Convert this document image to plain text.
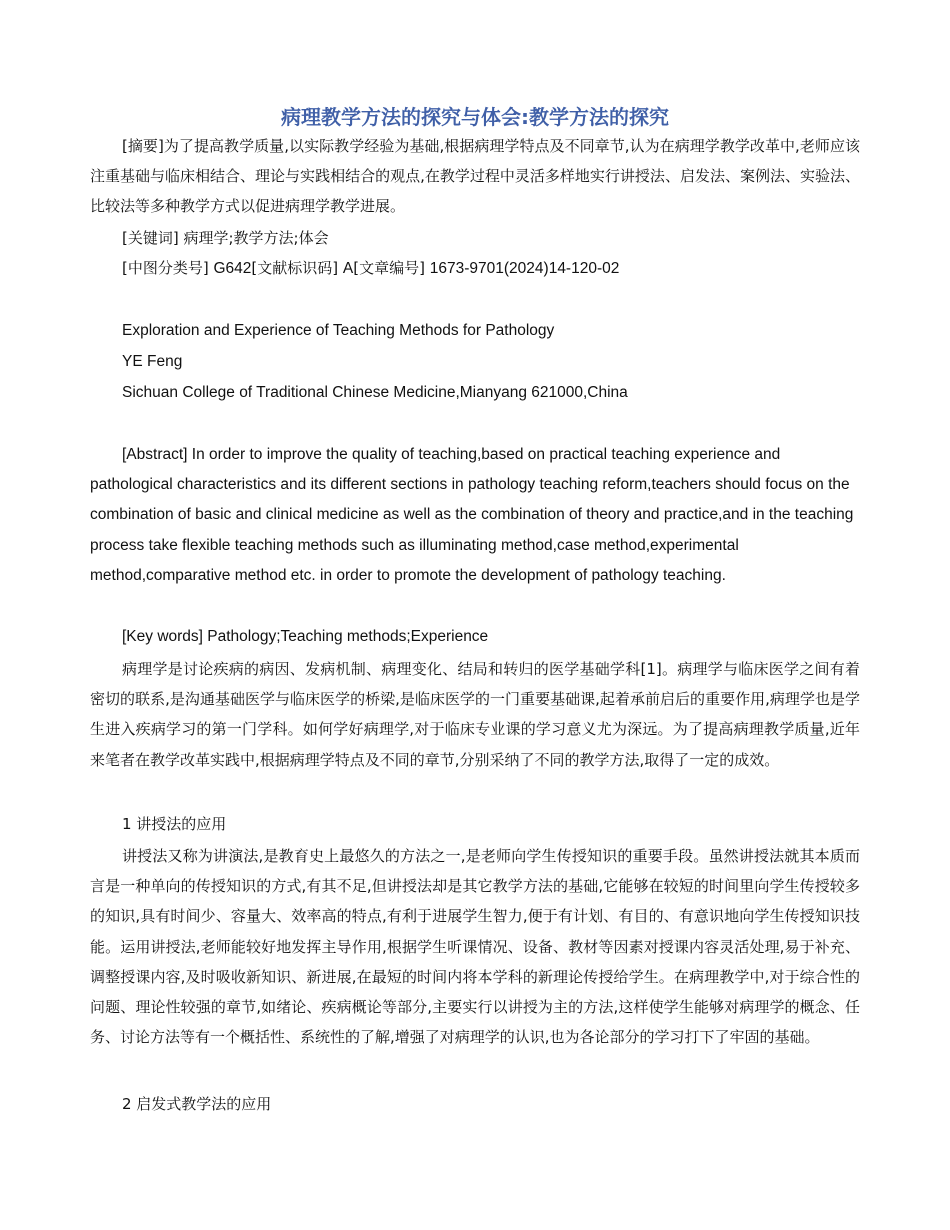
病理教学方法的探究与体会:教学方法的探究
[摘要]为了提高教学质量,以实际教学经验为基础,根据病理学特点及不同章节,认为在病理学教学改革中,老师应该注重基础与临床相结合、理论与实践相结合的观点,在教学过程中灵活多样地实行讲授法、启发法、案例法、实验法、比较法等多种教学方式以促进病理学教学进展。
[关键词] 病理学;教学方法;体会
[中图分类号] G642[文献标识码] A[文章编号] 1673-9701(2024)14-120-02
Exploration and Experience of Teaching Methods for Pathology
YE Feng
Sichuan College of Traditional Chinese Medicine,Mianyang 621000,China

[Abstract] In order to improve the quality of teaching,based on practical teaching experience and pathological characteristics and its different sections in pathology teaching reform,teachers should focus on the combination of basic and clinical medicine as well as the combination of theory and practice,and in the teaching process take flexible teaching methods such as illuminating method,case method,experimental method,comparative method etc. in order to promote the development of pathology teaching.

[Key words] Pathology;Teaching methods;Experience

病理学是讨论疾病的病因、发病机制、病理变化、结局和转归的医学基础学科[1]。病理学与临床医学之间有着密切的联系,是沟通基础医学与临床医学的桥梁,是临床医学的一门重要基础课,起着承前启后的重要作用,病理学也是学生进入疾病学习的第一门学科。如何学好病理学,对于临床专业课的学习意义尤为深远。为了提高病理教学质量,近年来笔者在教学改革实践中,根据病理学特点及不同的章节,分别采纳了不同的教学方法,取得了一定的成效。

1 讲授法的应用

讲授法又称为讲演法,是教育史上最悠久的方法之一,是老师向学生传授知识的重要手段。虽然讲授法就其本质而言是一种单向的传授知识的方式,有其不足,但讲授法却是其它教学方法的基础,它能够在较短的时间里向学生传授较多的知识,具有时间少、容量大、效率高的特点,有利于进展学生智力,便于有计划、有目的、有意识地向学生传授知识技能。运用讲授法,老师能较好地发挥主导作用,根据学生听课情况、设备、教材等因素对授课内容灵活处理,易于补充、调整授课内容,及时吸收新知识、新进展,在最短的时间内将本学科的新理论传授给学生。在病理教学中,对于综合性的问题、理论性较强的章节,如绪论、疾病概论等部分,主要实行以讲授为主的方法,这样使学生能够对病理学的概念、任务、讨论方法等有一个概括性、系统性的了解,增强了对病理学的认识,也为各论部分的学习打下了牢固的基础。

2 启发式教学法的应用
